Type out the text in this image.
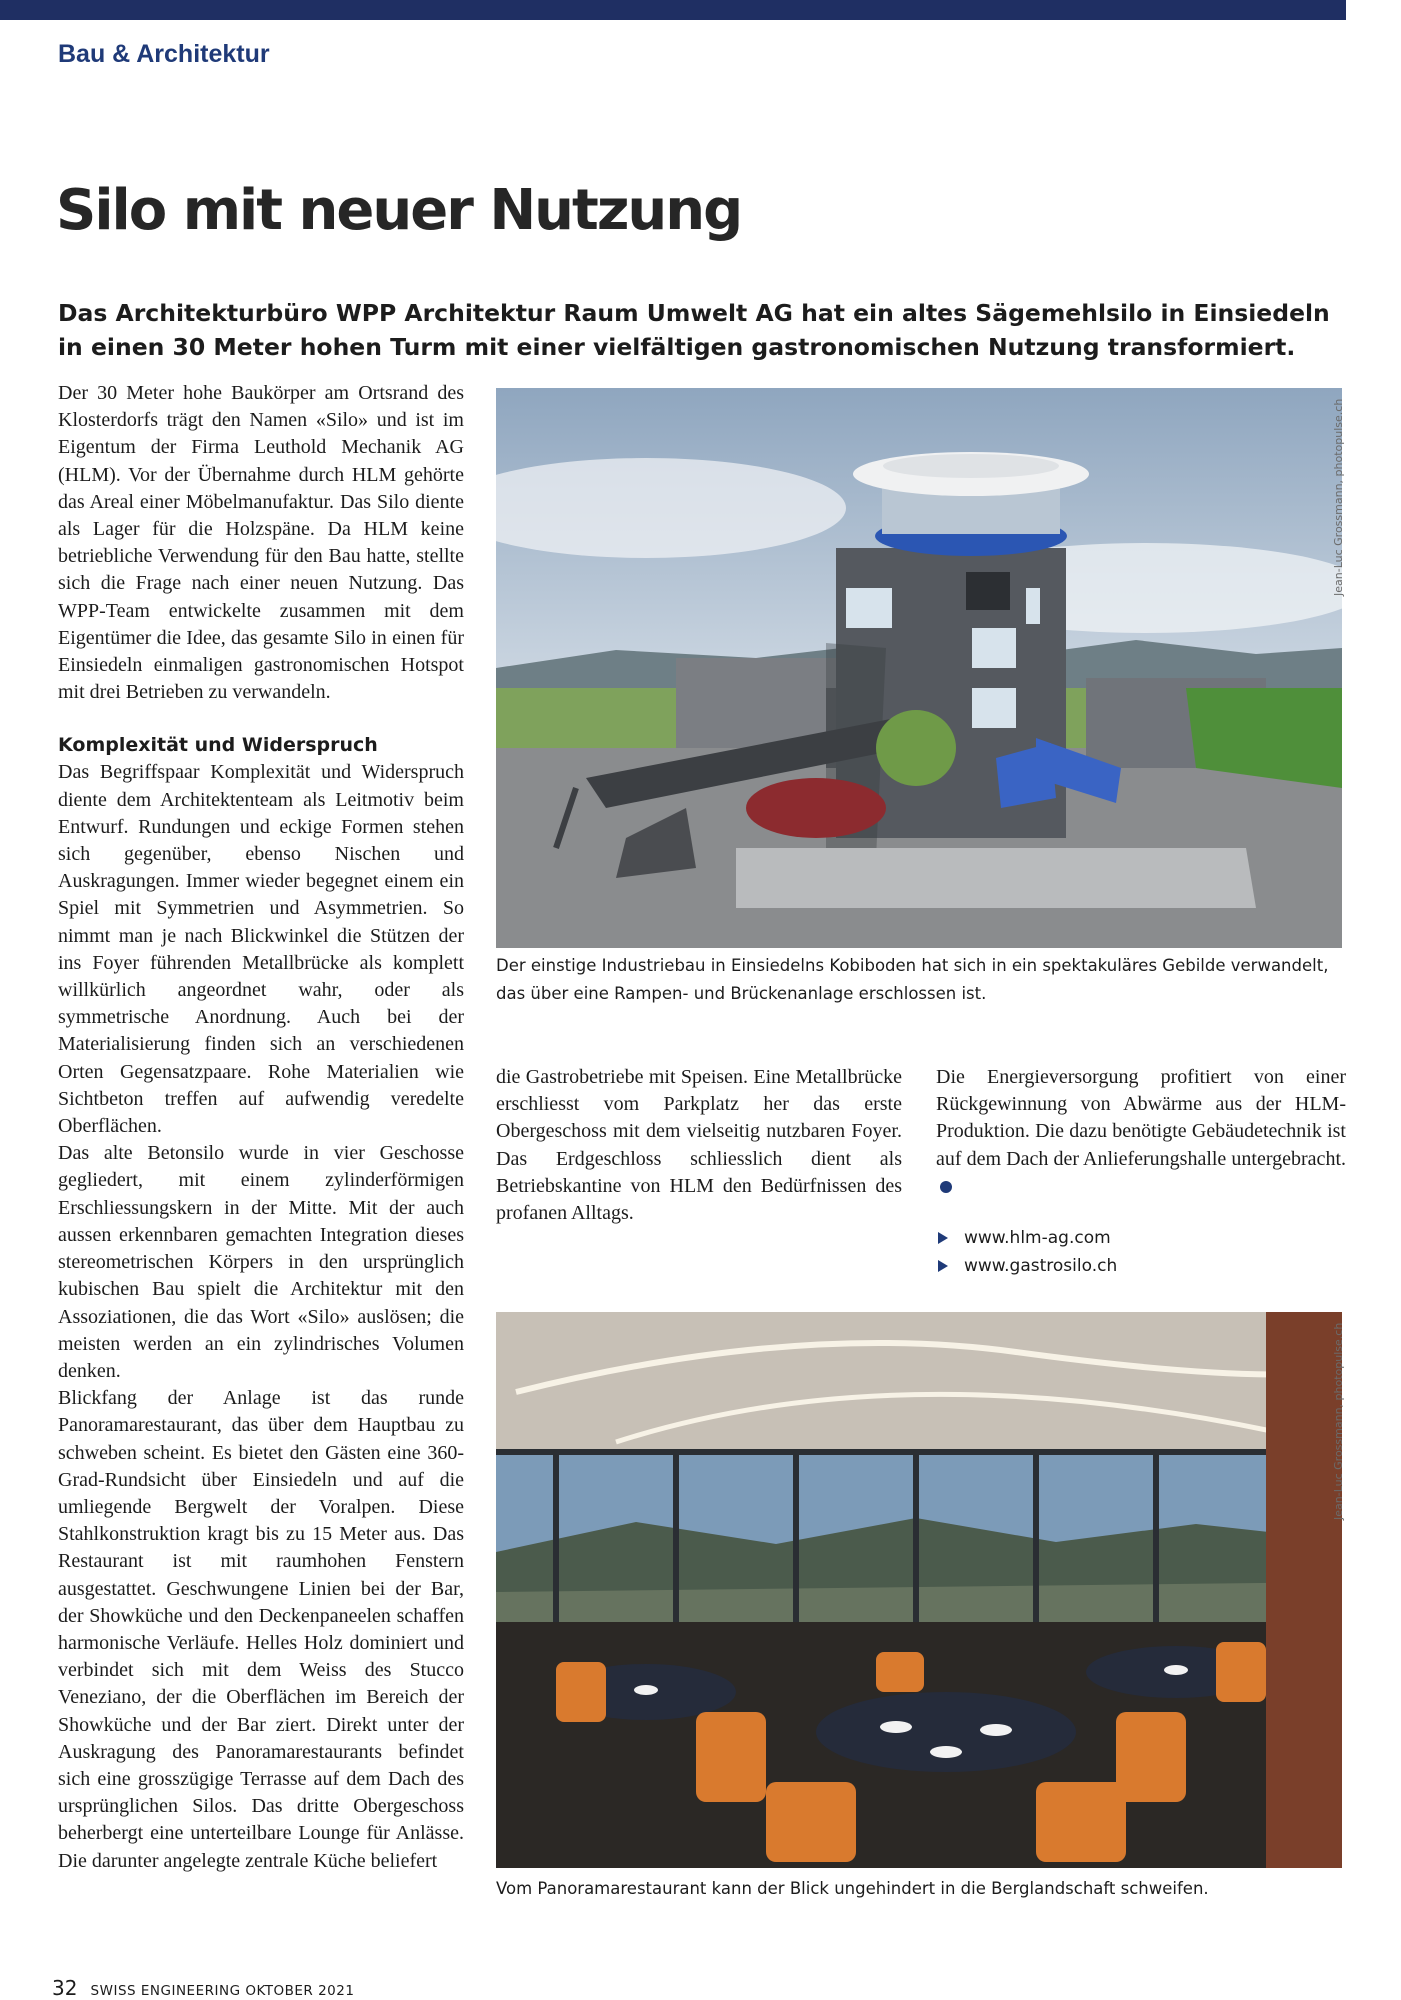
Bau & Architektur
Silo mit neuer Nutzung

Das Architekturbüro WPP Architektur Raum Umwelt AG hat ein altes Sägemehlsilo in Einsiedeln in einen 30 Meter hohen Turm mit einer vielfältigen gastronomischen Nutzung transformiert.

Der 30 Meter hohe Baukörper am Ortsrand des Klosterdorfs trägt den Namen «Silo» und ist im Eigentum der Firma Leuthold Mechanik AG (HLM). Vor der Übernahme durch HLM gehörte das Areal einer Möbelmanufaktur. Das Silo diente als Lager für die Holzspäne. Da HLM keine betriebliche Verwendung für den Bau hatte, stellte sich die Frage nach einer neuen Nutzung. Das WPP-Team entwickelte zusammen mit dem Eigentümer die Idee, das gesamte Silo in einen für Einsiedeln einmaligen gastronomischen Hotspot mit drei Betrieben zu verwandeln.

Komplexität und Widerspruch

Das Begriffspaar Komplexität und Widerspruch diente dem Architektenteam als Leitmotiv beim Entwurf. Rundungen und eckige Formen stehen sich gegenüber, ebenso Nischen und Auskragungen. Immer wieder begegnet einem ein Spiel mit Symmetrien und Asymmetrien. So nimmt man je nach Blickwinkel die Stützen der ins Foyer führenden Metallbrücke als komplett willkürlich angeordnet wahr, oder als symmetrische Anordnung. Auch bei der Materialisierung finden sich an verschiedenen Orten Gegensatzpaare. Rohe Materialien wie Sichtbeton treffen auf aufwendig veredelte Oberflächen.

Das alte Betonsilo wurde in vier Geschosse gegliedert, mit einem zylinderförmigen Erschliessungskern in der Mitte. Mit der auch aussen erkennbaren gemachten Integration dieses stereometrischen Körpers in den ursprünglich kubischen Bau spielt die Architektur mit den Assoziationen, die das Wort «Silo» auslösen; die meisten werden an ein zylindrisches Volumen denken.

Blickfang der Anlage ist das runde Panoramarestaurant, das über dem Hauptbau zu schweben scheint. Es bietet den Gästen eine 360-Grad-Rundsicht über Einsiedeln und auf die umliegende Bergwelt der Voralpen. Diese Stahlkonstruktion kragt bis zu 15 Meter aus. Das Restaurant ist mit raumhohen Fenstern ausgestattet. Geschwungene Linien bei der Bar, der Showküche und den Deckenpaneelen schaffen harmonische Verläufe. Helles Holz dominiert und verbindet sich mit dem Weiss des Stucco Veneziano, der die Oberflächen im Bereich der Showküche und der Bar ziert. Direkt unter der Auskragung des Panoramarestaurants befindet sich eine grosszügige Terrasse auf dem Dach des ursprünglichen Silos. Das dritte Obergeschoss beherbergt eine unterteilbare Lounge für Anlässe. Die darunter angelegte zentrale Küche beliefert

die Gastrobetriebe mit Speisen. Eine Metallbrücke erschliesst vom Parkplatz her das erste Obergeschoss mit dem vielseitig nutzbaren Foyer. Das Erdgeschloss schliesslich dient als Betriebskantine von HLM den Bedürfnissen des profanen Alltags.

Die Energieversorgung profitiert von einer Rückgewinnung von Abwärme aus der HLM-Produktion. Die dazu benötigte Gebäudetechnik ist auf dem Dach der Anlieferungshalle untergebracht.

www.hlm-ag.com
www.gastrosilo.ch
Jean-Luc Grossmann, photopulse.ch
Der einstige Industriebau in Einsiedelns Kobiboden hat sich in ein spektakuläres Gebilde verwandelt, das über eine Rampen- und Brückenanlage erschlossen ist.
Jean-Luc Grossmann, photopulse.ch
Vom Panoramarestaurant kann der Blick ungehindert in die Berglandschaft schweifen.
32 SWISS ENGINEERING OKTOBER 2021
